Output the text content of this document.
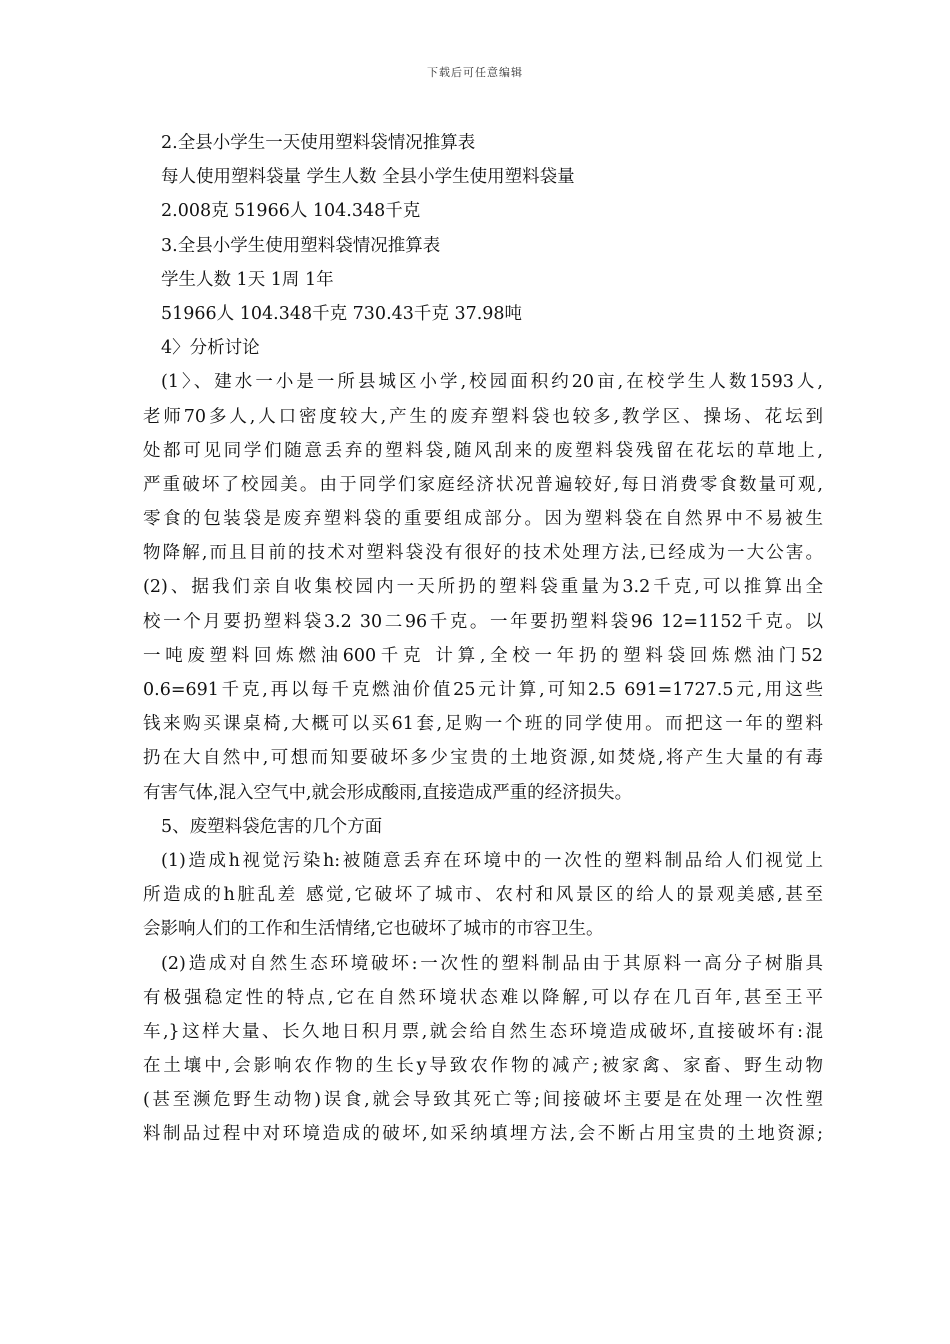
下载后可任意编辑
2.全县小学生一天使用塑料袋情况推算表
每人使用塑料袋量 学生人数 全县小学生使用塑料袋量
2.008克 51966人 104.348千克
3.全县小学生使用塑料袋情况推算表
学生人数 1天 1周 1年
51966人 104.348千克 730.43千克 37.98吨
4〉分析讨论
(1〉、建水一小是一所县城区小学,校园面积约20亩,在校学生人数1593人,
老师70多人,人口密度较大,产生的废弃塑料袋也较多,教学区、操场、花坛到
处都可见同学们随意丢弃的塑料袋,随风刮来的废塑料袋残留在花坛的草地上,
严重破坏了校园美。由于同学们家庭经济状况普遍较好,每日消费零食数量可观,
零食的包装袋是废弃塑料袋的重要组成部分。因为塑料袋在自然界中不易被生
物降解,而且目前的技术对塑料袋没有很好的技术处理方法,已经成为一大公害。
(2)、据我们亲自收集校园内一天所扔的塑料袋重量为3.2千克,可以推算出全
校一个月要扔塑料袋3.2 30二96千克。一年要扔塑料袋96 12=1152千克。以
一吨废塑料回炼燃油600千克 计算,全校一年扔的塑料袋回炼燃油门52
0.6=691千克,再以每千克燃油价值25元计算,可知2.5 691=1727.5元,用这些
钱来购买课桌椅,大概可以买61套,足购一个班的同学使用。而把这一年的塑料
扔在大自然中,可想而知要破坏多少宝贵的土地资源,如焚烧,将产生大量的有毒
有害气体,混入空气中,就会形成酸雨,直接造成严重的经济损失。
5、废塑料袋危害的几个方面
(1)造成h视觉污染h:被随意丢弃在环境中的一次性的塑料制品给人们视觉上
所造成的h脏乱差 感觉,它破坏了城市、农村和风景区的给人的景观美感,甚至
会影响人们的工作和生活情绪,它也破坏了城市的市容卫生。
(2)造成对自然生态环境破坏:一次性的塑料制品由于其原料一高分子树脂具
有极强稳定性的特点,它在自然环境状态难以降解,可以存在几百年,甚至王平
车,}这样大量、长久地日积月票,就会给自然生态环境造成破坏,直接破坏有:混
在土壤中,会影响农作物的生长y导致农作物的减产;被家禽、家畜、野生动物
(甚至濒危野生动物)误食,就会导致其死亡等;间接破坏主要是在处理一次性塑
料制品过程中对环境造成的破坏,如采纳填埋方法,会不断占用宝贵的土地资源;
